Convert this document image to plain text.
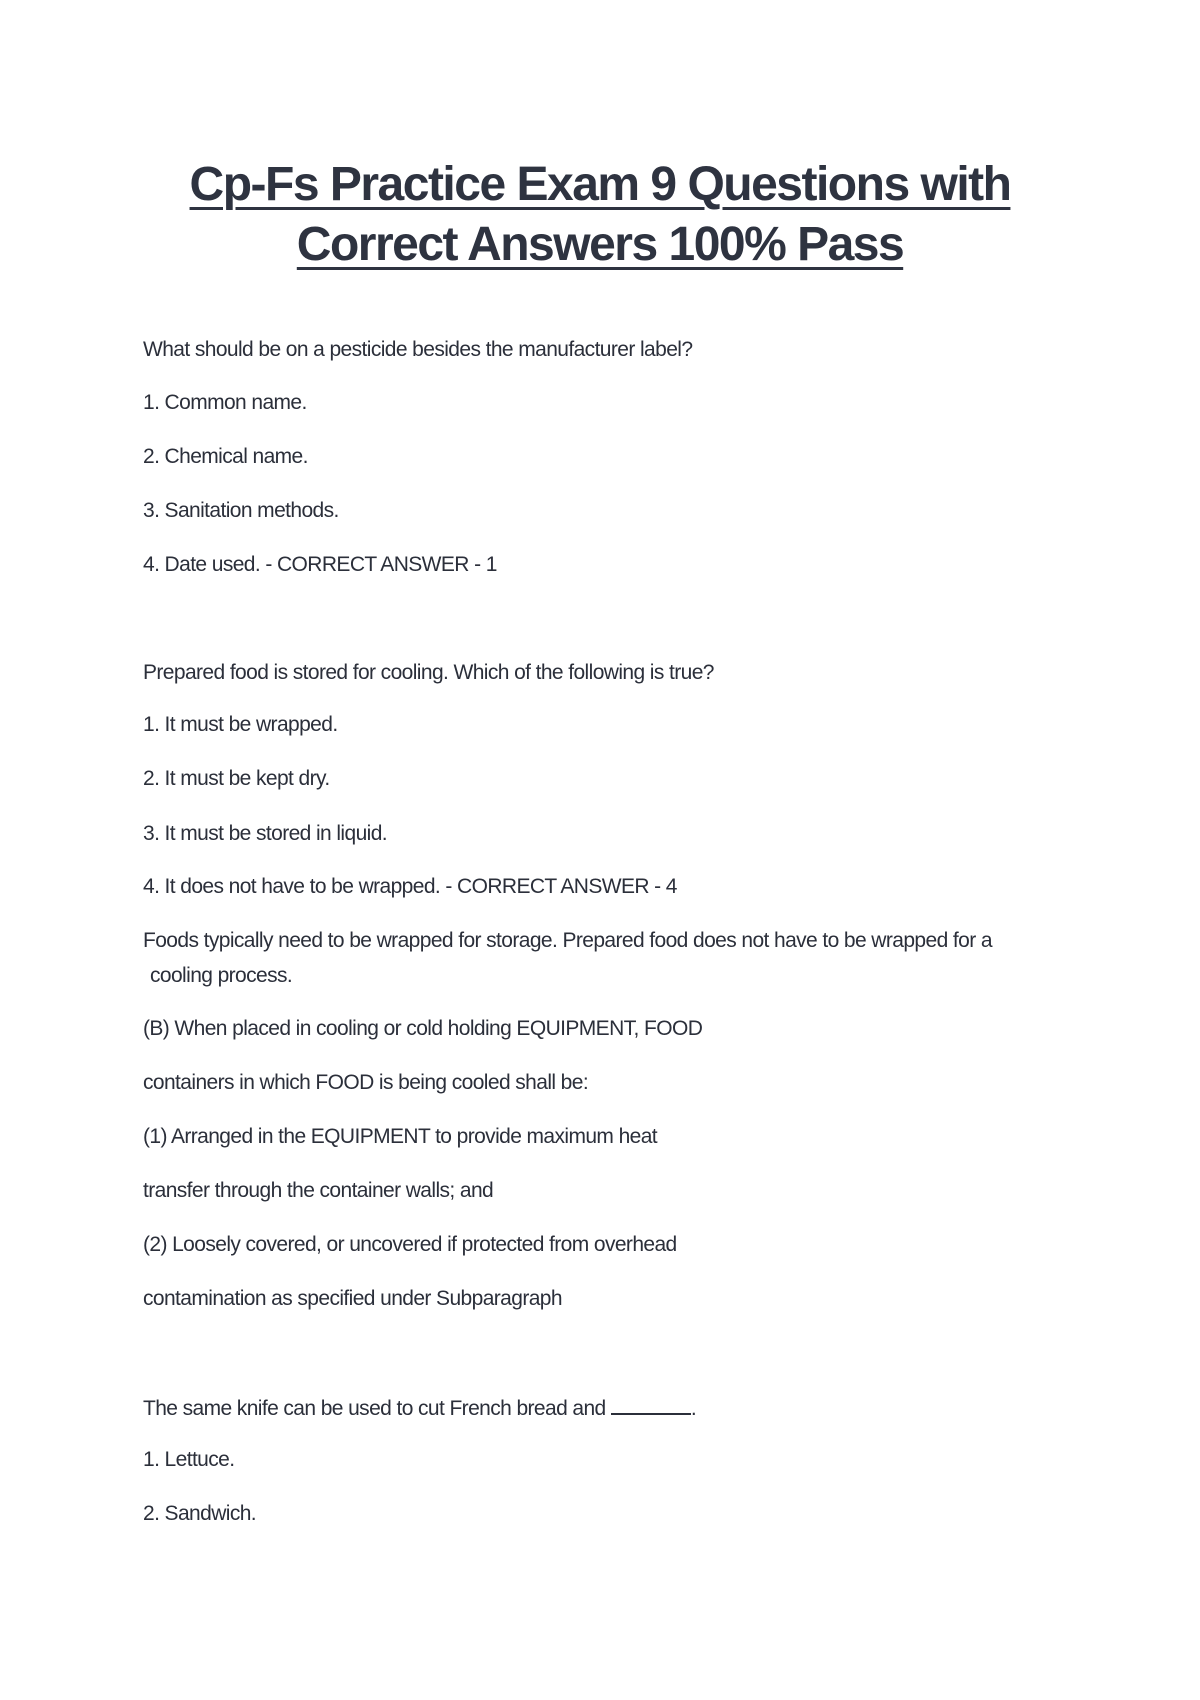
Cp-Fs Practice Exam 9 Questions with
Correct Answers 100% Pass

What should be on a pesticide besides the manufacturer label?

1. Common name.

2. Chemical name.

3. Sanitation methods.

4. Date used. - CORRECT ANSWER - 1

Prepared food is stored for cooling. Which of the following is true?

1. It must be wrapped.

2. It must be kept dry.

3. It must be stored in liquid.

4. It does not have to be wrapped. - CORRECT ANSWER - 4

Foods typically need to be wrapped for storage. Prepared food does not have to be wrapped for a

cooling process.

(B) When placed in cooling or cold holding EQUIPMENT, FOOD

containers in which FOOD is being cooled shall be:

(1) Arranged in the EQUIPMENT to provide maximum heat

transfer through the container walls; and

(2) Loosely covered, or uncovered if protected from overhead

contamination as specified under Subparagraph

The same knife can be used to cut French bread and	.

1. Lettuce.

2. Sandwich.
